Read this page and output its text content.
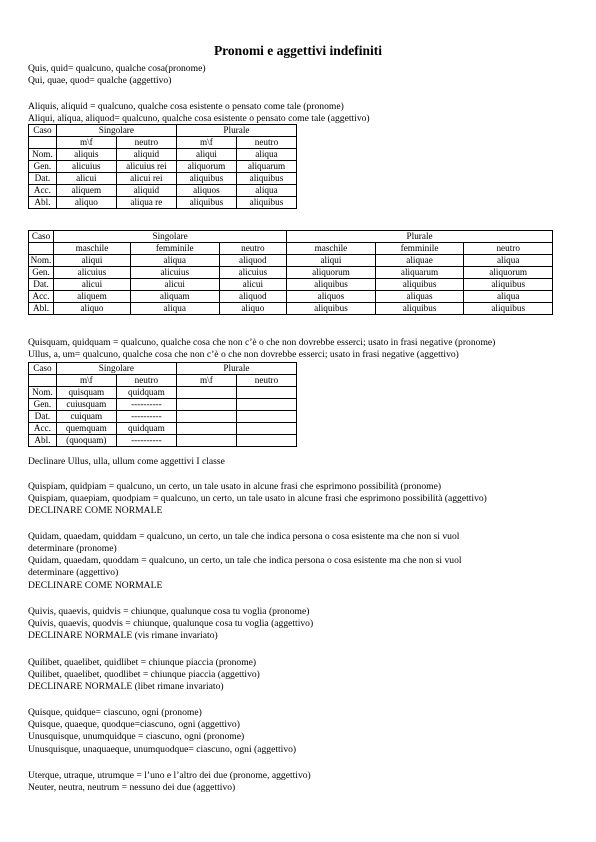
Pronomi e aggettivi indefiniti
Quis, quid= qualcuno, qualche cosa(pronome)
Qui, quae, quod= qualche (aggettivo)
Aliquis, aliquid = qualcuno, qualche cosa esistente o pensato come tale (pronome)
Aliqui, aliqua, aliquod= qualcuno, qualche cosa esistente o pensato come tale (aggettivo)
Caso	Singolare		Plurale	
	m\f	neutro	m\f	neutro
Nom.	aliquis	aliquid	aliqui	aliqua
Gen.	alicuius	alicuius rei	aliquorum	aliquarum
Dat.	alicui	alicui rei	aliquibus	aliquibus
Acc.	aliquem	aliquid	aliquos	aliqua
Abl.	aliquo	aliqua re	aliquibus	aliquibus
Caso	Singolare			Plurale		
	maschile	femminile	neutro	maschile	femminile	neutro
Nom.	aliqui	aliqua	aliquod	aliqui	aliquae	aliqua
Gen.	alicuius	alicuius	alicuius	aliquorum	aliquarum	aliquorum
Dat.	alicui	alicui	alicui	aliquibus	aliquibus	aliquibus
Acc.	aliquem	aliquam	aliquod	aliquos	aliquas	aliqua
Abl.	aliquo	aliqua	aliquo	aliquibus	aliquibus	aliquibus
Quisquam, quidquam = qualcuno, qualche cosa che non c’è o che non dovrebbe esserci; usato in frasi negative (pronome)
Ullus, a, um= qualcuno, qualche cosa che non c’è o che non dovrebbe esserci; usato in frasi negative (aggettivo)
Caso	Singolare		Plurale	
	m\f	neutro	m\f	neutro
Nom.	quisquam	quidquam		
Gen.	cuiusquam	----------		
Dat.	cuiquam	----------		
Acc.	quemquam	quidquam		
Abl.	(quoquam)	----------		
Declinare Ullus, ulla, ullum come aggettivi I classe
Quispiam, quidpiam = qualcuno, un certo, un tale usato in alcune frasi che esprimono possibilità (pronome)
Quispiam, quaepiam, quodpiam = qualcuno, un certo, un tale usato in alcune frasi che esprimono possibilità (aggettivo)
DECLINARE COME NORMALE
Quidam, quaedam, quiddam = qualcuno, un certo, un tale che indica persona o cosa esistente ma che non si vuol
determinare (pronome)
Quidam, quaedam, quoddam = qualcuno, un certo, un tale che indica persona o cosa esistente ma che non si vuol
determinare (aggettivo)
DECLINARE COME NORMALE
Quivis, quaevis, quidvis = chiunque, qualunque cosa tu voglia (pronome)
Quivis, quaevis, quodvis = chiunque, qualunque cosa tu voglia (aggettivo)
DECLINARE NORMALE (vis rimane invariato)
Quilibet, quaelibet, quidlibet = chiunque piaccia (pronome)
Quilibet, quaelibet, quodlibet = chiunque piaccia (aggettivo)
DECLINARE NORMALE (libet rimane invariato)
Quisque, quidque= ciascuno, ogni (pronome)
Quisque, quaeque, quodque=ciascuno, ogni (aggettivo)
Unusquisque, unumquidque = ciascuno, ogni (pronome)
Unusquisque, unaquaeque, unumquodque= ciascuno, ogni (aggettivo)
Uterque, utraque, utrumque = l’uno e l’altro dei due (pronome, aggettivo)
Neuter, neutra, neutrum = nessuno dei due (aggettivo)
